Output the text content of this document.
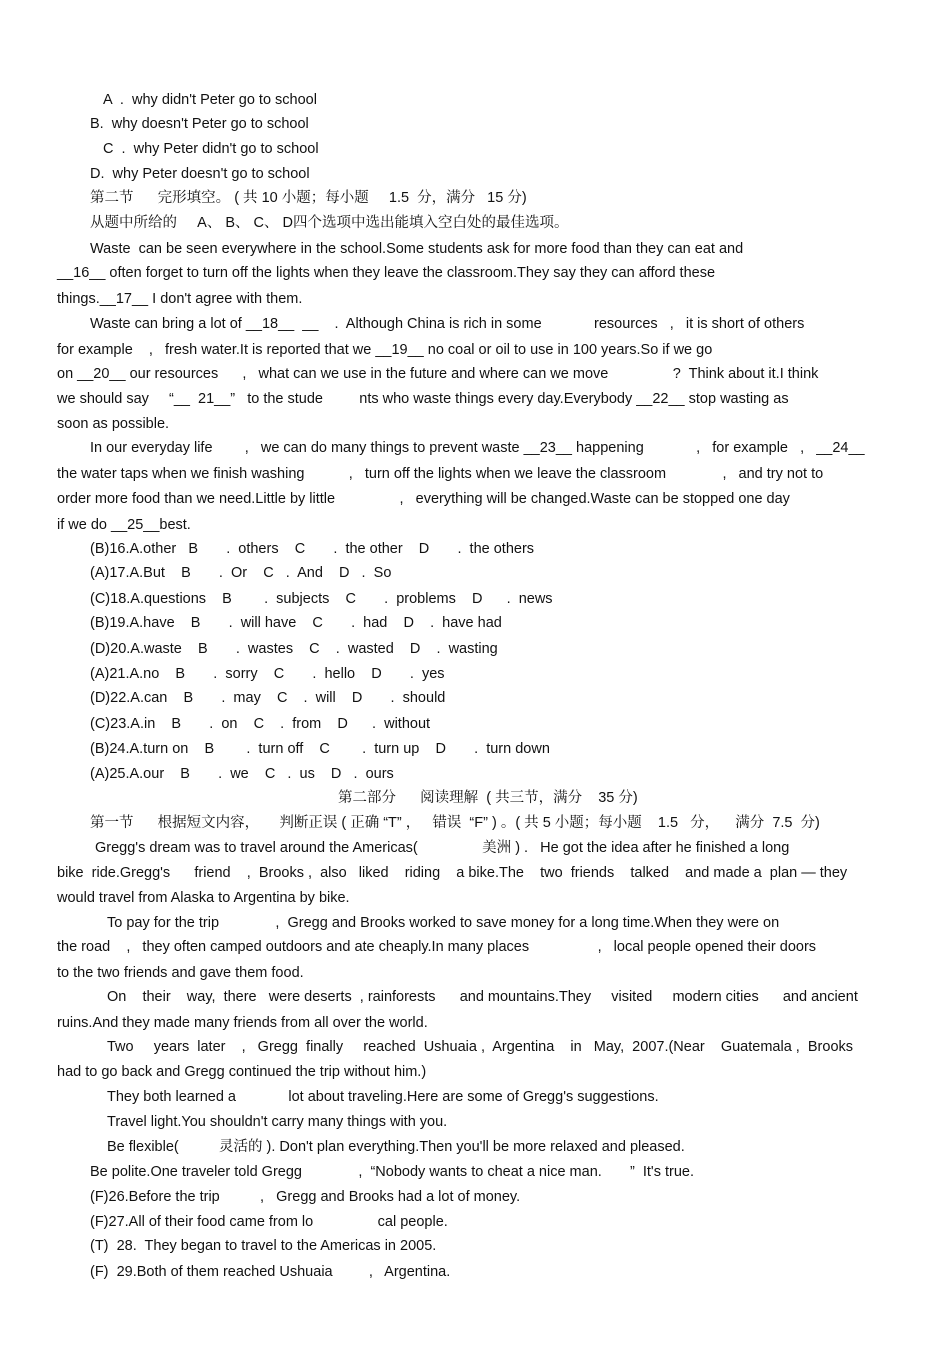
A  .  why didn't Peter go to school
B.  why doesn't Peter go to school
C  .  why Peter didn't go to school
D.  why Peter doesn't go to school
第二节      完形填空。 ( 共 10 小题；每小题     1.5  分，满分   15 分)
从题中所给的     A、 B、 C、 D四个选项中选出能填入空白处的最佳选项。
Waste  can be seen everywhere in the school.Some students ask for more food than they can eat and
__16__ often forget to turn off the lights when they leave the classroom.They say they can afford these
things.__17__ I don't agree with them.
Waste can bring a lot of __18__  __    .  Although China is rich in some             resources   ,   it is short of others
for example    ,   fresh water.It is reported that we __19__ no coal or oil to use in 100 years.So if we go
on __20__ our resources      ,   what can we use in the future and where can we move                ?  Think about it.I think
we should say     “__  21__”   to the stude         nts who waste things every day.Everybody __22__ stop wasting as
soon as possible.
In our everyday life        ,   we can do many things to prevent waste __23__ happening             ,   for example   ,   __24__
the water taps when we finish washing           ,   turn off the lights when we leave the classroom              ,   and try not to
order more food than we need.Little by little                ,   everything will be changed.Waste can be stopped one day
if we do __25__best.
(B)16.A.other   B       .  others    C       .  the other    D       .  the others
(A)17.A.But    B       .  Or    C   .  And    D   .  So
(C)18.A.questions    B        .  subjects    C       .  problems    D      .  news
(B)19.A.have    B       .  will have    C       .  had    D    .  have had
(D)20.A.waste    B       .  wastes    C    .  wasted    D    .  wasting
(A)21.A.no    B       .  sorry    C       .  hello    D       .  yes
(D)22.A.can    B       .  may    C    .  will    D       .  should
(C)23.A.in    B       .  on    C    .  from    D      .  without
(B)24.A.turn on    B        .  turn off    C        .  turn up    D       .  turn down
(A)25.A.our    B       .  we    C   .  us    D   .  ours
第二部分      阅读理解  ( 共三节，满分    35 分)
第一节      根据短文内容，     判断正误 ( 正确 “T” ，   错误  “F” ) 。( 共 5 小题；每小题    1.5   分，    满分  7.5  分)
Gregg's dream was to travel around the Americas(                美洲 ) .   He got the idea after he finished a long
bike  ride.Gregg's      friend    ,  Brooks ,  also   liked    riding    a bike.The    two  friends    talked    and made a  plan — they
would travel from Alaska to Argentina by bike.
To pay for the trip              ,  Gregg and Brooks worked to save money for a long time.When they were on
the road    ,   they often camped outdoors and ate cheaply.In many places                 ,   local people opened their doors
to the two friends and gave them food.
On    their    way,  there   were deserts  , rainforests      and mountains.They     visited     modern cities      and ancient
ruins.And they made many friends from all over the world.
Two     years  later    ,   Gregg  finally     reached  Ushuaia ,  Argentina    in   May,  2007.(Near    Guatemala ,  Brooks
had to go back and Gregg continued the trip without him.)
They both learned a             lot about traveling.Here are some of Gregg's suggestions.
Travel light.You shouldn't carry many things with you.
Be flexible(          灵活的 ). Don't plan everything.Then you'll be more relaxed and pleased.
Be polite.One traveler told Gregg              ,  “Nobody wants to cheat a nice man.       ”  It's true.
(F)26.Before the trip          ,   Gregg and Brooks had a lot of money.
(F)27.All of their food came from lo                cal people.
(T)  28.  They began to travel to the Americas in 2005.
(F)  29.Both of them reached Ushuaia         ,   Argentina.
